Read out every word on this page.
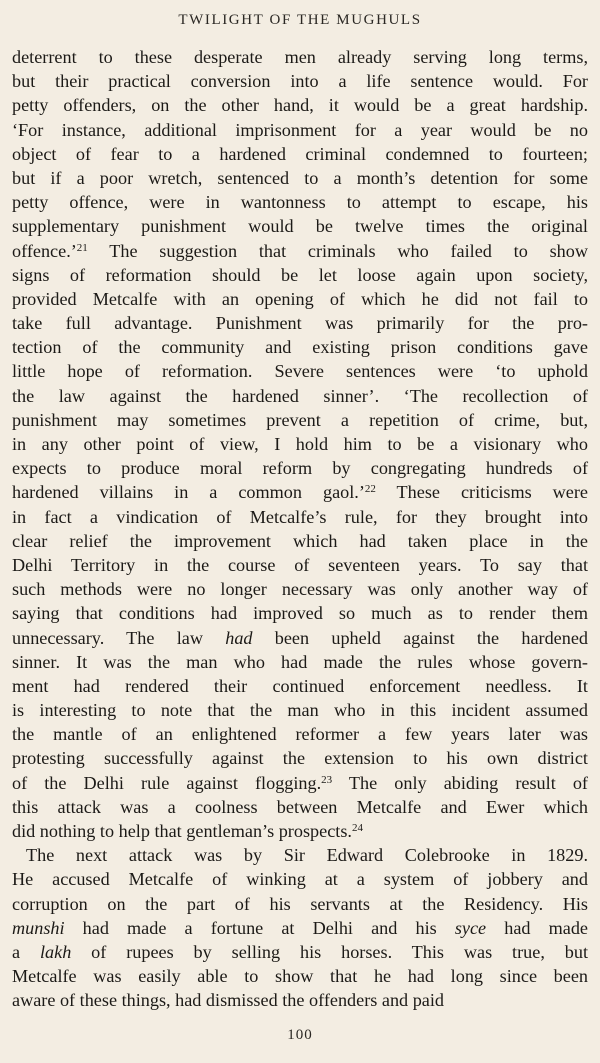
TWILIGHT OF THE MUGHULS
deterrent to these desperate men already serving long terms,
but their practical conversion into a life sentence would. For
petty offenders, on the other hand, it would be a great hardship.
‘For instance, additional imprisonment for a year would be no
object of fear to a hardened criminal condemned to fourteen;
but if a poor wretch, sentenced to a month’s detention for some
petty offence, were in wantonness to attempt to escape, his
supplementary punishment would be twelve times the original
offence.’$^{21}$ The suggestion that criminals who failed to show
signs of reformation should be let loose again upon society,
provided Metcalfe with an opening of which he did not fail to
take full advantage. Punishment was primarily for the pro-
tection of the community and existing prison conditions gave
little hope of reformation. Severe sentences were ‘to uphold
the law against the hardened sinner’. ‘The recollection of
punishment may sometimes prevent a repetition of crime, but,
in any other point of view, I hold him to be a visionary who
expects to produce moral reform by congregating hundreds of
hardened villains in a common gaol.’$^{22}$ These criticisms were
in fact a vindication of Metcalfe’s rule, for they brought into
clear relief the improvement which had taken place in the
Delhi Territory in the course of seventeen years. To say that
such methods were no longer necessary was only another way of
saying that conditions had improved so much as to render them
unnecessary. The law had been upheld against the hardened
sinner. It was the man who had made the rules whose govern-
ment had rendered their continued enforcement needless. It
is interesting to note that the man who in this incident assumed
the mantle of an enlightened reformer a few years later was
protesting successfully against the extension to his own district
of the Delhi rule against flogging.$^{23}$ The only abiding result of
this attack was a coolness between Metcalfe and Ewer which
did nothing to help that gentleman’s prospects.$^{24}$
The next attack was by Sir Edward Colebrooke in 1829.
He accused Metcalfe of winking at a system of jobbery and
corruption on the part of his servants at the Residency. His
munshi had made a fortune at Delhi and his syce had made
a lakh of rupees by selling his horses. This was true, but
Metcalfe was easily able to show that he had long since been
aware of these things, had dismissed the offenders and paid
100
